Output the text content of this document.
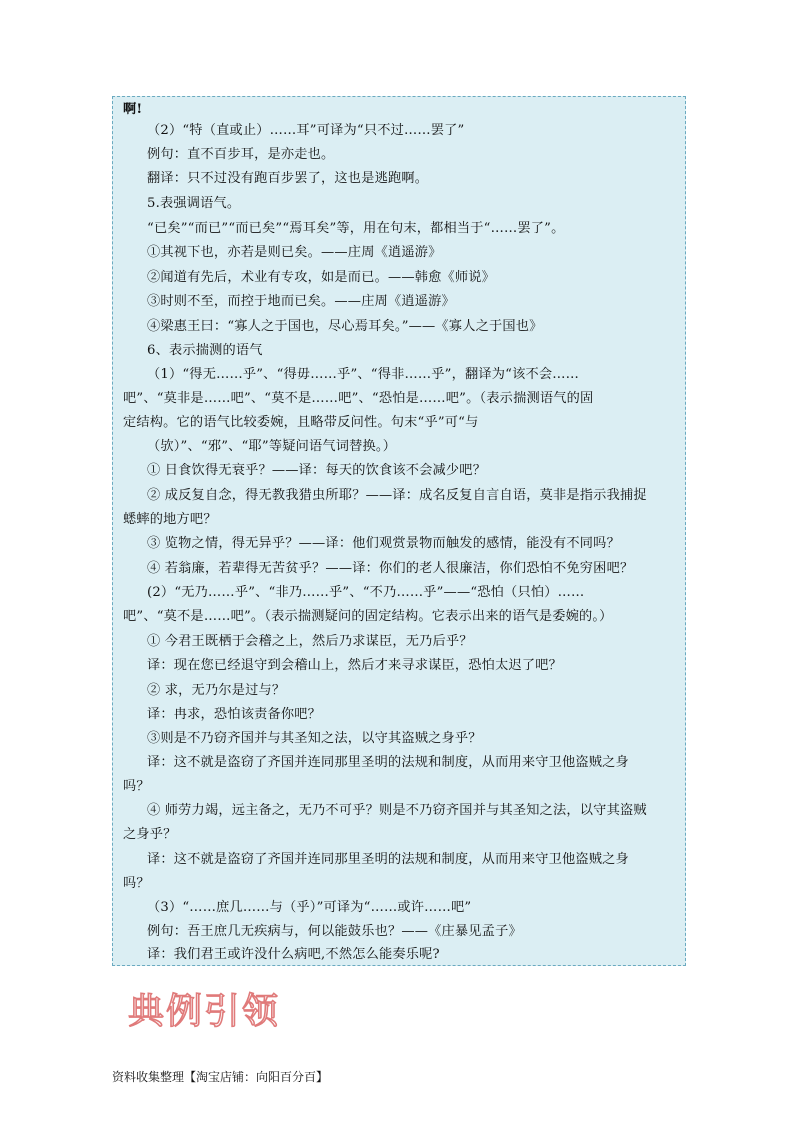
啊!
（2）“特（直或止）……耳”可译为“只不过……罢了”
例句：直不百步耳，是亦走也。
翻译：只不过没有跑百步罢了，这也是逃跑啊。
5.表强调语气。
“已矣”“而已”“而已矣”“焉耳矣”等，用在句末，都相当于“……罢了”。
①其视下也，亦若是则已矣。——庄周《逍遥游》
②闻道有先后，术业有专攻，如是而已。——韩愈《师说》
③时则不至，而控于地而已矣。——庄周《逍遥游》
④梁惠王曰：“寡人之于国也，尽心焉耳矣。”——《寡人之于国也》
6、表示揣测的语气
（1）“得无……乎”、“得毋……乎”、“得非……乎”，翻译为“该不会……
吧”、“莫非是……吧”、“莫不是……吧”、“恐怕是……吧”。（表示揣测语气的固
定结构。它的语气比较委婉，且略带反问性。句末“乎”可“与
（欤）”、“邪”、“耶”等疑问语气词替换。）
① 日食饮得无衰乎？——译：每天的饮食该不会减少吧？
② 成反复自念，得无教我猎虫所耶？——译：成名反复自言自语，莫非是指示我捕捉
蟋蟀的地方吧？
③ 览物之情，得无异乎？——译：他们观赏景物而触发的感情，能没有不同吗？
④ 若翁廉，若辈得无苦贫乎？——译：你们的老人很廉洁，你们恐怕不免穷困吧？
(2）“无乃……乎”、“非乃……乎”、“不乃……乎”——“恐怕（只怕）……
吧”、“莫不是……吧”。（表示揣测疑问的固定结构。它表示出来的语气是委婉的。）
① 今君王既栖于会稽之上，然后乃求谋臣，无乃后乎？
译：现在您已经退守到会稽山上，然后才来寻求谋臣，恐怕太迟了吧？
② 求，无乃尔是过与？
译：冉求，恐怕该责备你吧？
③则是不乃窃齐国并与其圣知之法，以守其盗贼之身乎？
译：这不就是盗窃了齐国并连同那里圣明的法规和制度，从而用来守卫他盗贼之身
吗？
④ 师劳力竭，远主备之，无乃不可乎？则是不乃窃齐国并与其圣知之法，以守其盗贼
之身乎？
译：这不就是盗窃了齐国并连同那里圣明的法规和制度，从而用来守卫他盗贼之身
吗？
（3）“……庶几……与（乎）”可译为“……或许……吧”
例句：吾王庶几无疾病与，何以能鼓乐也？——《庄暴见孟子》
译：我们君王或许没什么病吧,不然怎么能奏乐呢?
典例引领
资料收集整理【淘宝店铺：向阳百分百】
